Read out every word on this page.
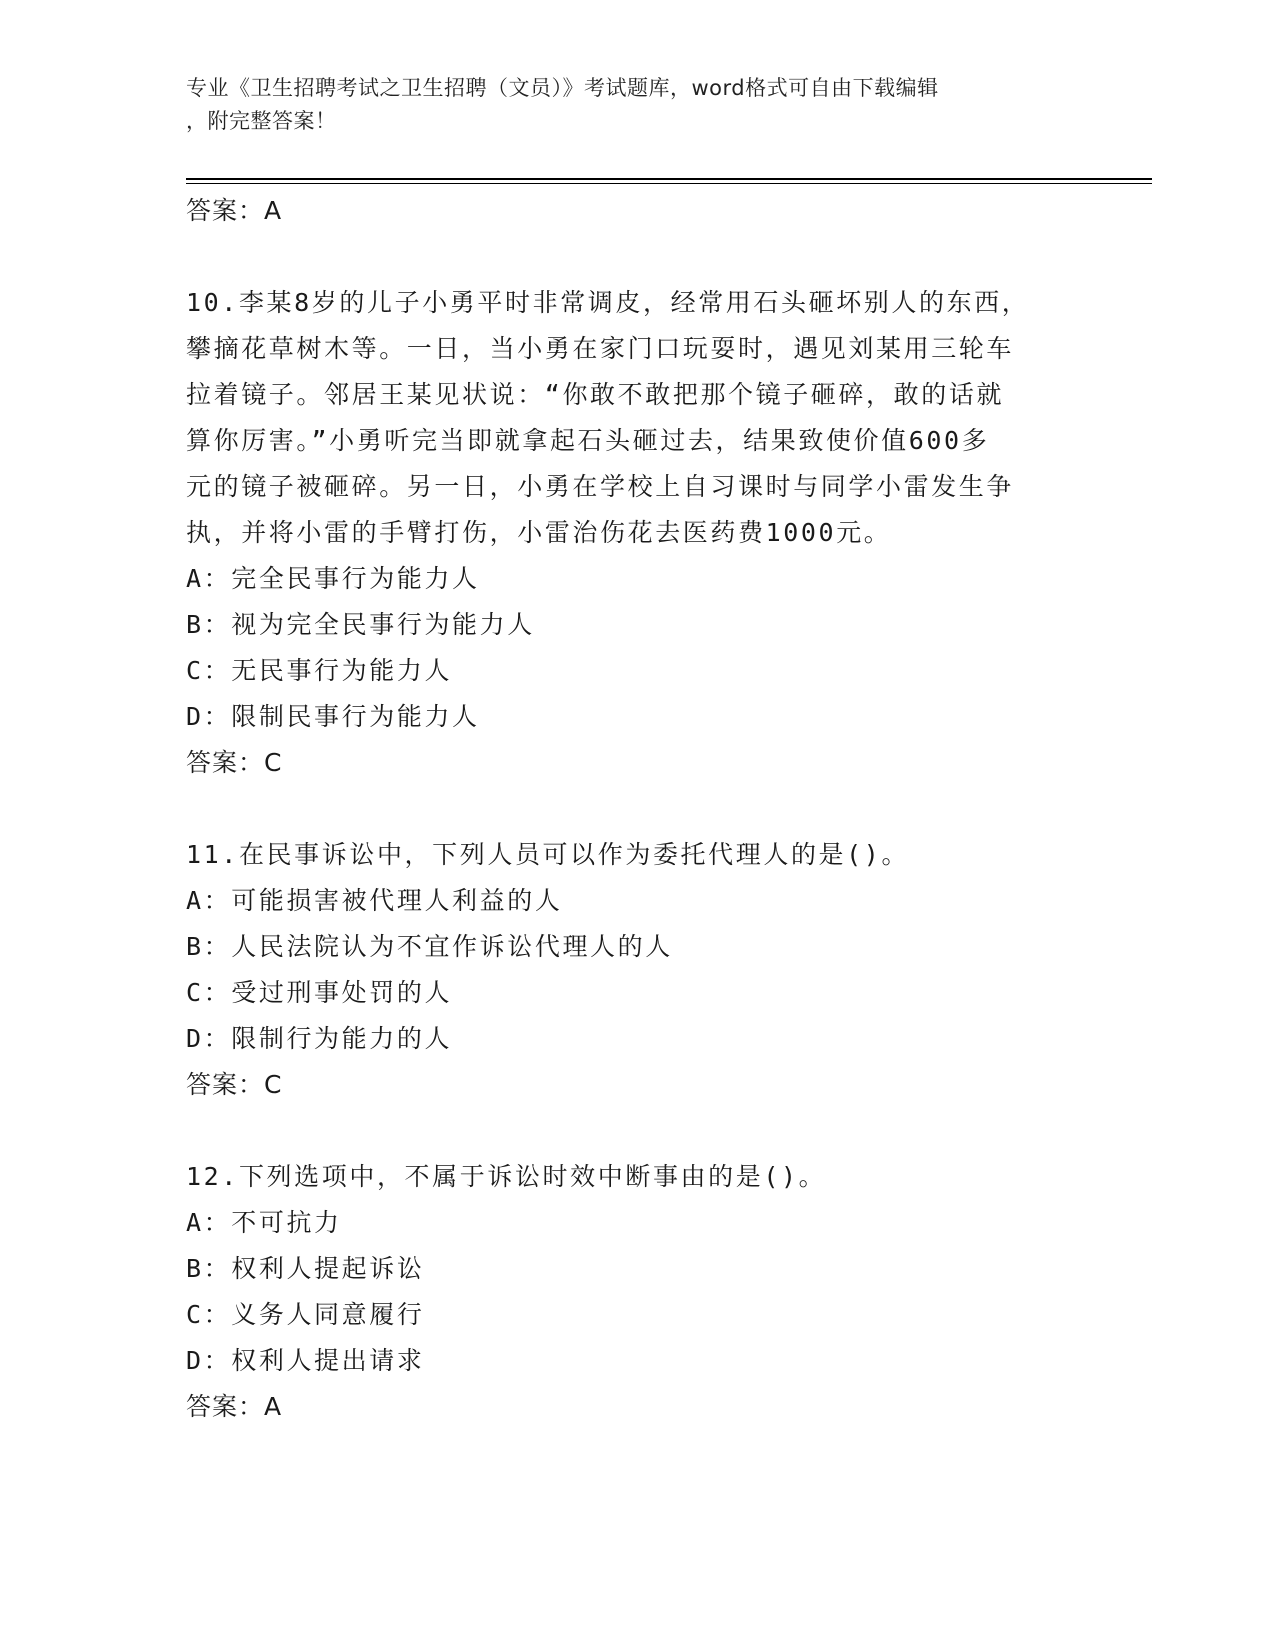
专业《卫生招聘考试之卫生招聘（文员）》考试题库，word格式可自由下载编辑
，附完整答案！
答案：A
10.李某8岁的儿子小勇平时非常调皮，经常用石头砸坏别人的东西，
攀摘花草树木等。一日，当小勇在家门口玩耍时，遇见刘某用三轮车
拉着镜子。邻居王某见状说：“你敢不敢把那个镜子砸碎，敢的话就
算你厉害。”小勇听完当即就拿起石头砸过去，结果致使价值600多
元的镜子被砸碎。另一日，小勇在学校上自习课时与同学小雷发生争
执，并将小雷的手臂打伤，小雷治伤花去医药费1000元。
A：完全民事行为能力人
B：视为完全民事行为能力人
C：无民事行为能力人
D：限制民事行为能力人
答案：C
11.在民事诉讼中，下列人员可以作为委托代理人的是()。
A：可能损害被代理人利益的人
B：人民法院认为不宜作诉讼代理人的人
C：受过刑事处罚的人
D：限制行为能力的人
答案：C
12.下列选项中，不属于诉讼时效中断事由的是()。
A：不可抗力
B：权利人提起诉讼
C：义务人同意履行
D：权利人提出请求
答案：A
